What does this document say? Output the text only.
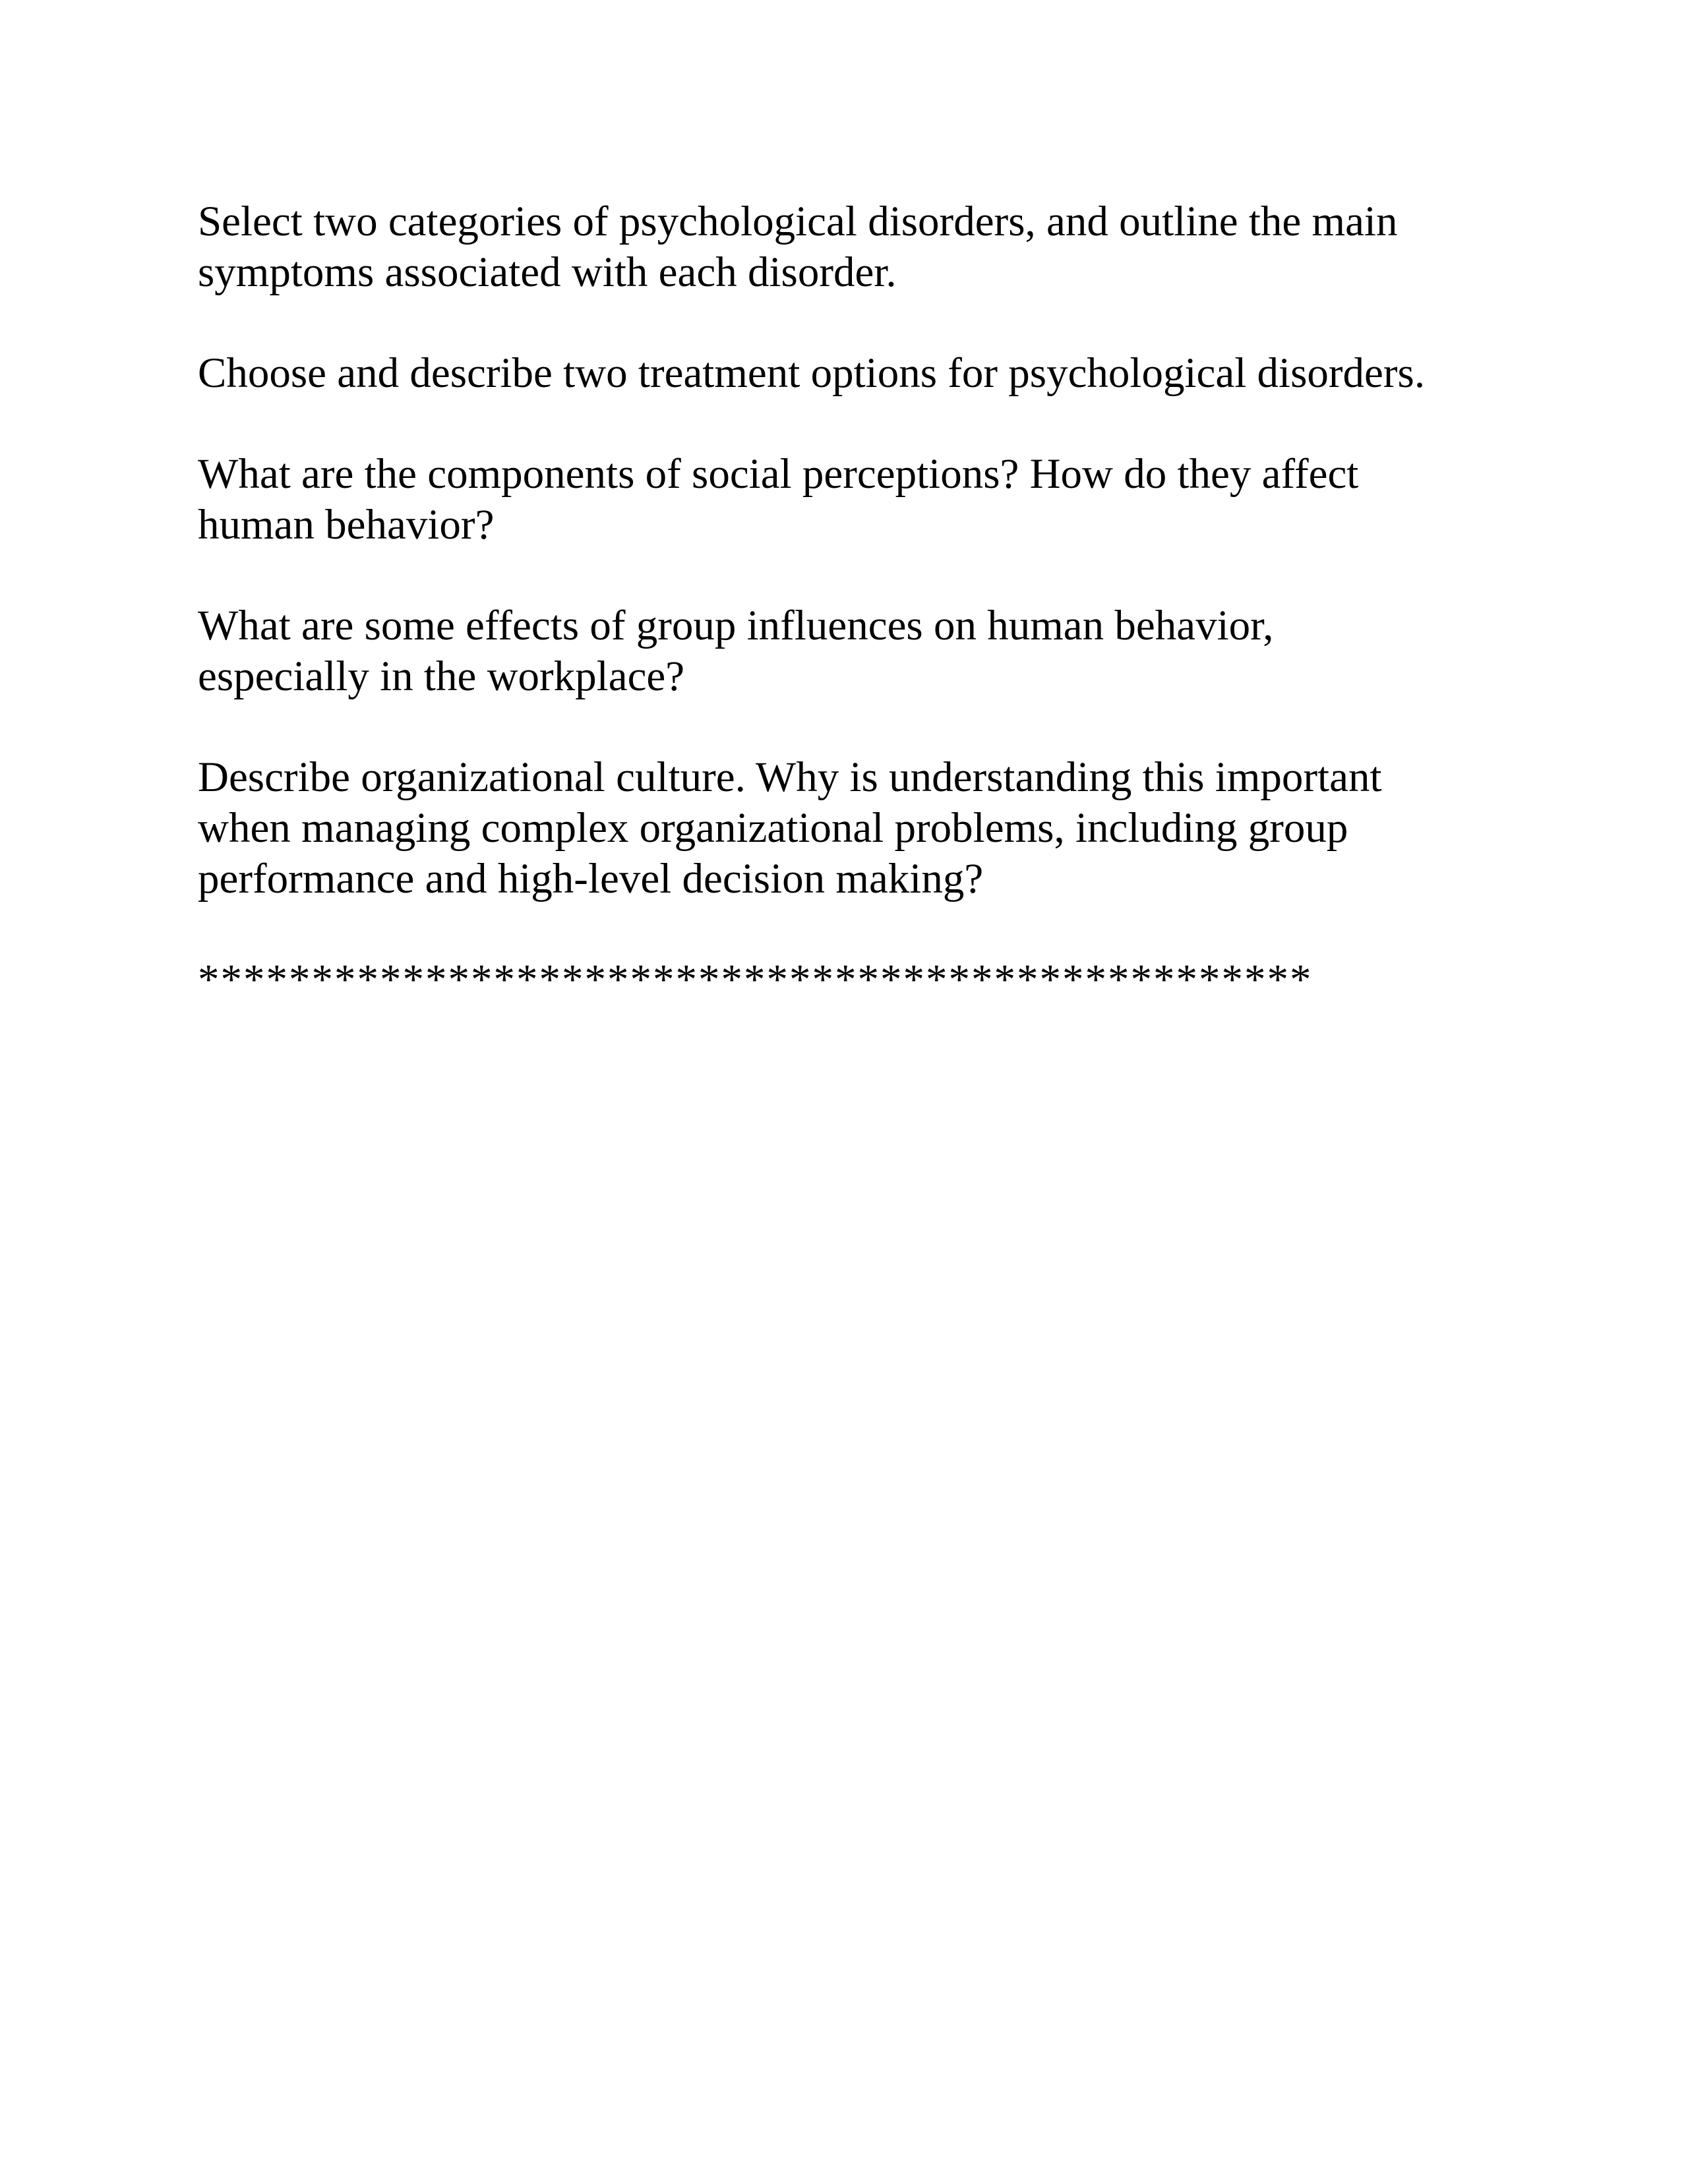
Select two categories of psychological disorders, and outline the main
symptoms associated with each disorder.

Choose and describe two treatment options for psychological disorders.

What are the components of social perceptions? How do they affect
human behavior?

What are some effects of group influences on human behavior,
especially in the workplace?

Describe organizational culture. Why is understanding this important
when managing complex organizational problems, including group
performance and high-level decision making?

*************************************************
